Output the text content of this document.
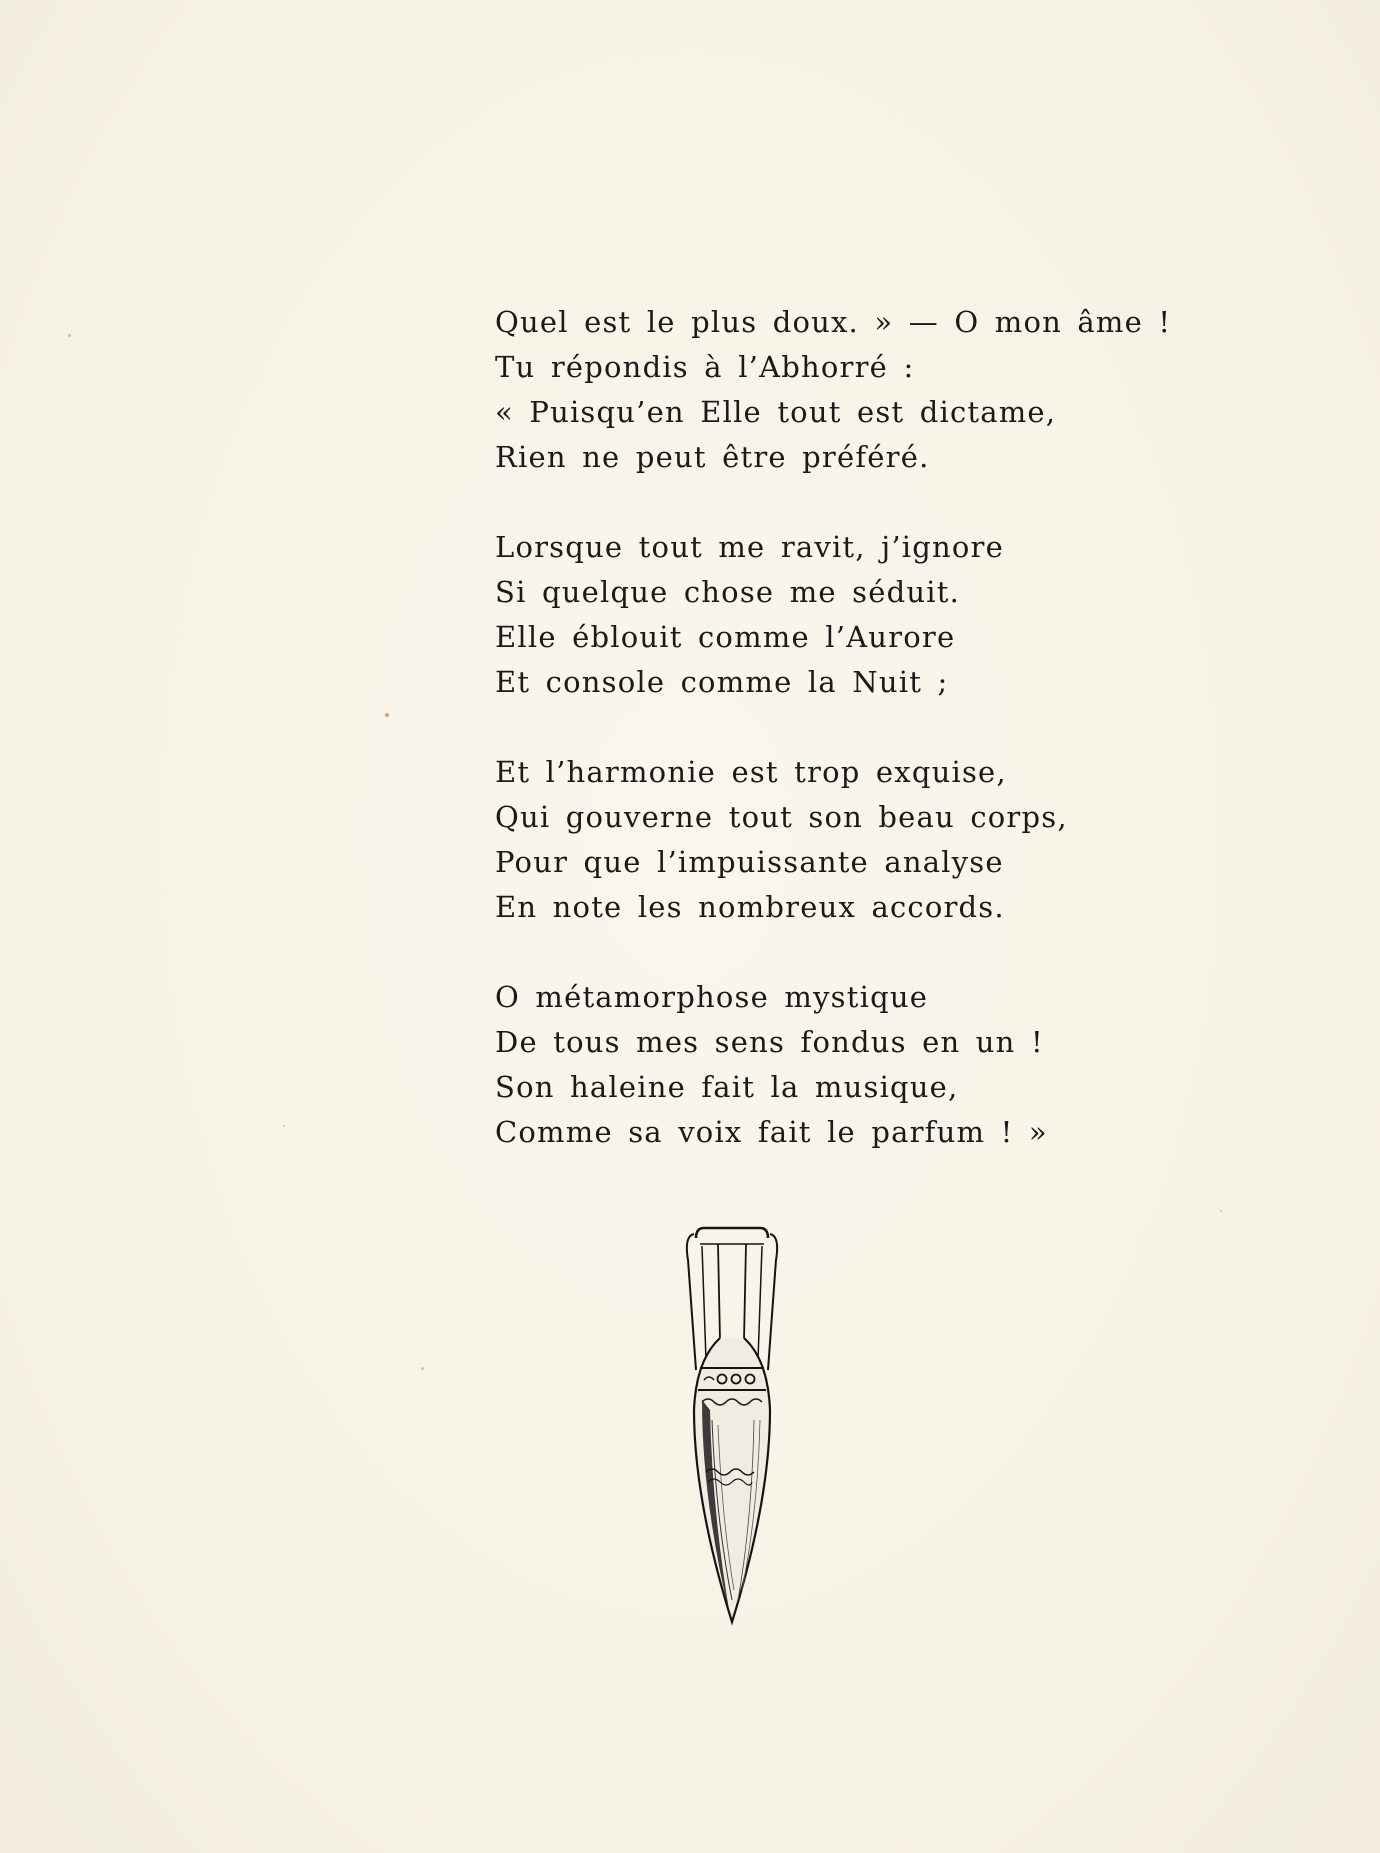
Quel est le plus doux. » — O mon âme !
Tu répondis à l’Abhorré :
« Puisqu’en Elle tout est dictame,
Rien ne peut être préféré.
Lorsque tout me ravit, j’ignore
Si quelque chose me séduit.
Elle éblouit comme l’Aurore
Et console comme la Nuit ;
Et l’harmonie est trop exquise,
Qui gouverne tout son beau corps,
Pour que l’impuissante analyse
En note les nombreux accords.
O métamorphose mystique
De tous mes sens fondus en un !
Son haleine fait la musique,
Comme sa voix fait le parfum ! »
